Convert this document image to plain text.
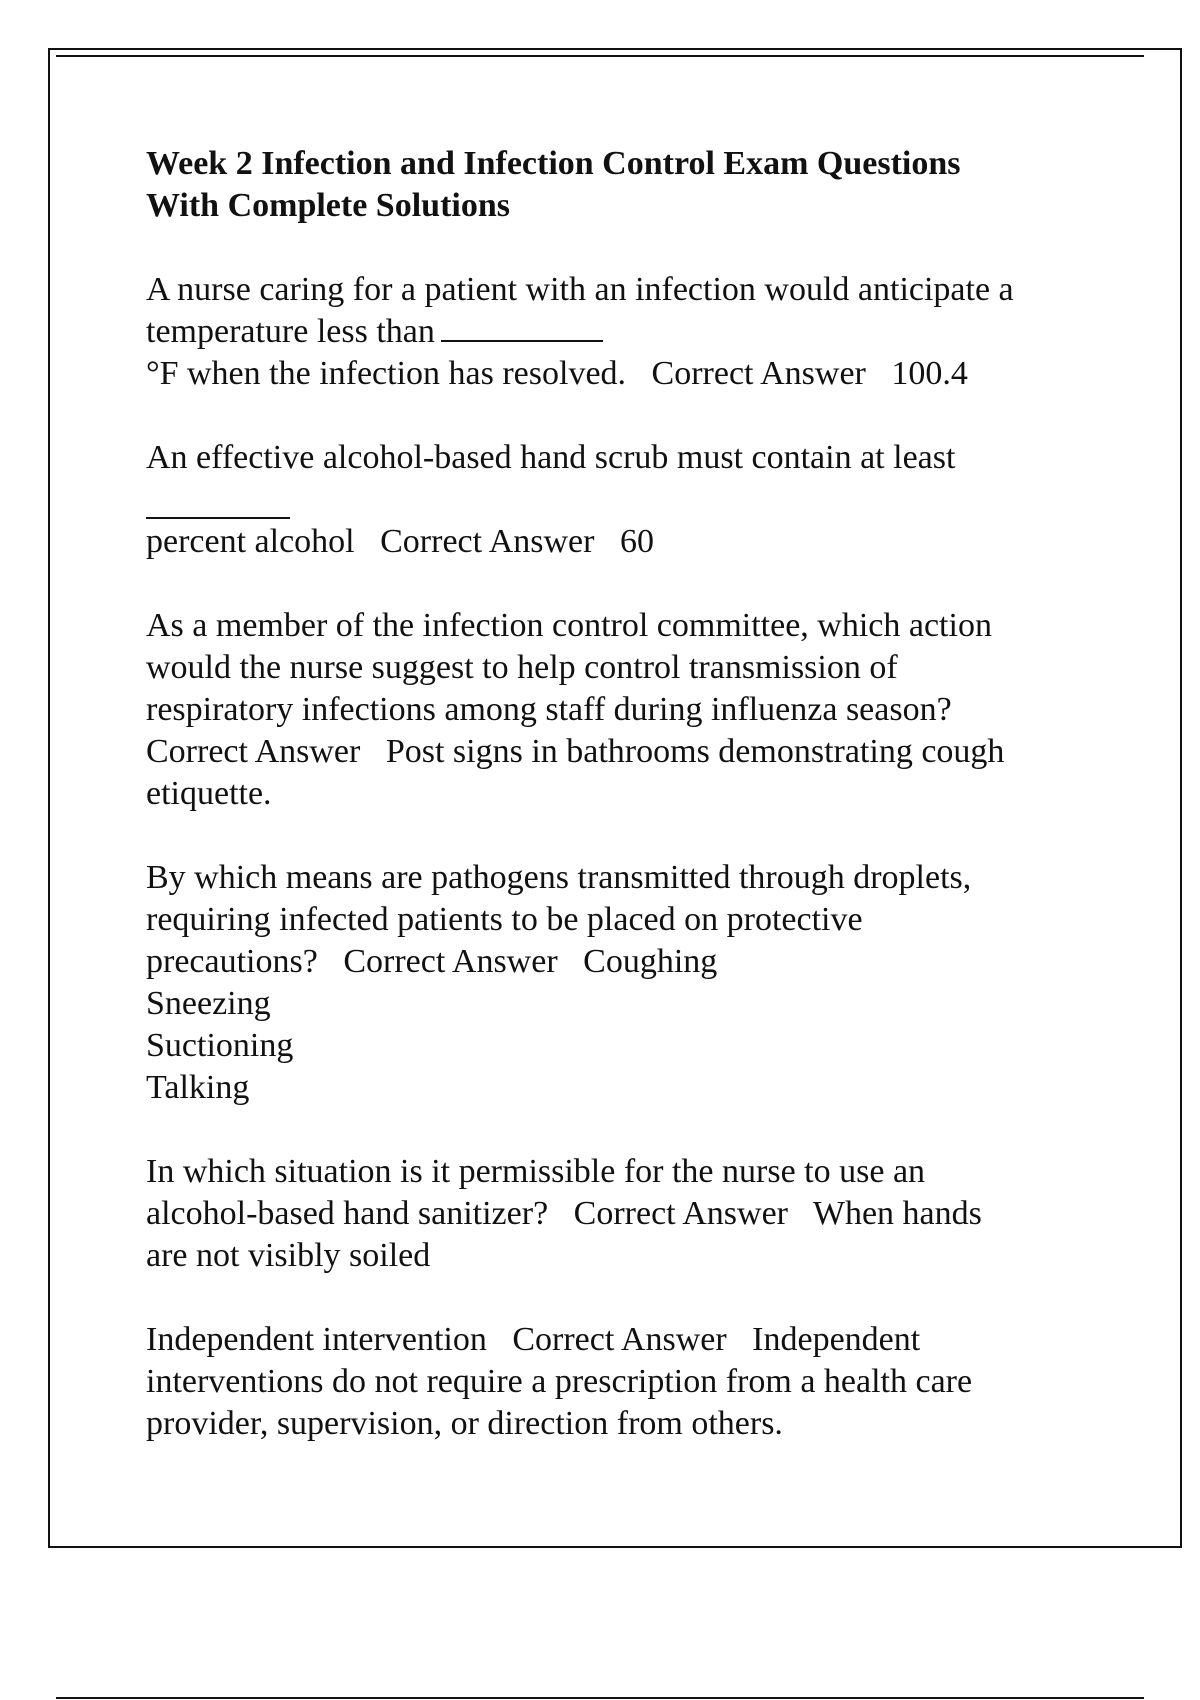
Week 2 Infection and Infection Control Exam Questions
With Complete Solutions
A nurse caring for a patient with an infection would anticipate a
temperature less than
°F when the infection has resolved. Correct Answer 100.4
An effective alcohol-based hand scrub must contain at least
percent alcohol Correct Answer 60
As a member of the infection control committee, which action
would the nurse suggest to help control transmission of
respiratory infections among staff during influenza season?
Correct Answer Post signs in bathrooms demonstrating cough
etiquette.
By which means are pathogens transmitted through droplets,
requiring infected patients to be placed on protective
precautions? Correct Answer Coughing
Sneezing
Suctioning
Talking
In which situation is it permissible for the nurse to use an
alcohol-based hand sanitizer? Correct Answer When hands
are not visibly soiled
Independent intervention Correct Answer Independent
interventions do not require a prescription from a health care
provider, supervision, or direction from others.
